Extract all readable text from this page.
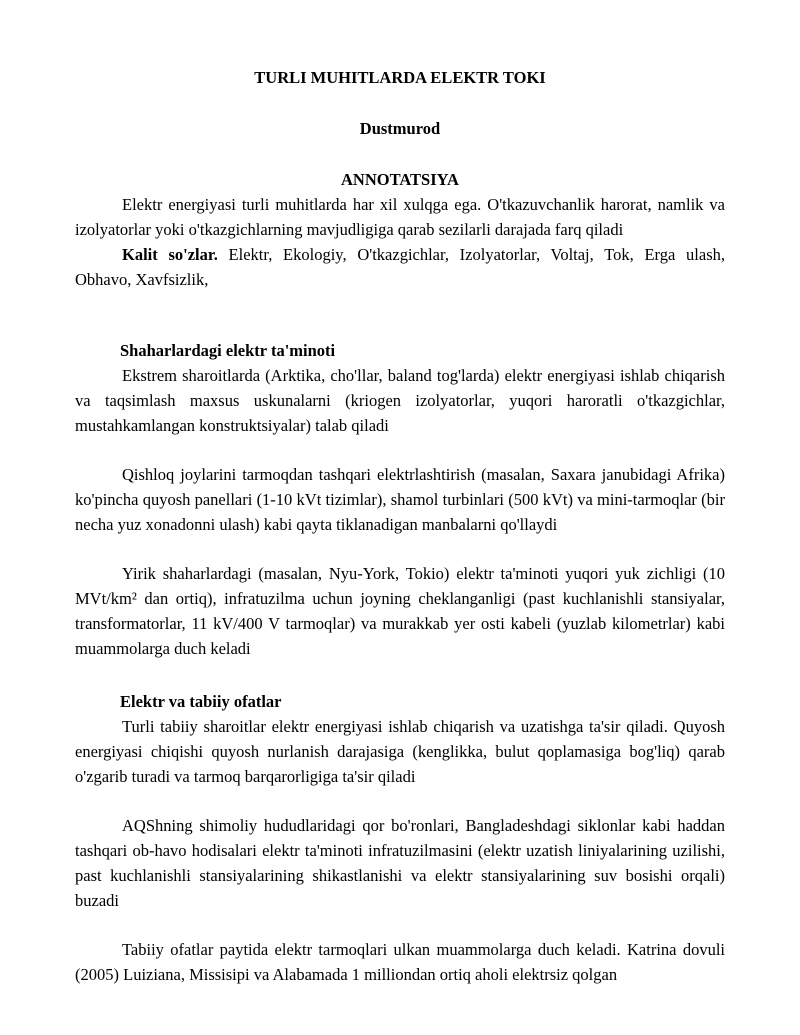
TURLI MUHITLARDA ELEKTR TOKI
Dustmurod
ANNOTATSIYA

Elektr energiyasi turli muhitlarda har xil xulqga ega. O'tkazuvchanlik harorat, namlik va izolyatorlar yoki o'tkazgichlarning mavjudligiga qarab sezilarli darajada farq qiladi

Kalit so'zlar. Elektr, Ekologiy, O'tkazgichlar, Izolyatorlar, Voltaj, Tok, Erga ulash, Obhavo, Xavfsizlik,

Shaharlardagi elektr ta'minoti

Ekstrem sharoitlarda (Arktika, cho'llar, baland tog'larda) elektr energiyasi ishlab chiqarish va taqsimlash maxsus uskunalarni (kriogen izolyatorlar, yuqori haroratli o'tkazgichlar, mustahkamlangan konstruktsiyalar) talab qiladi

Qishloq joylarini tarmoqdan tashqari elektrlashtirish (masalan, Saxara janubidagi Afrika) ko'pincha quyosh panellari (1-10 kVt tizimlar), shamol turbinlari (500 kVt) va mini-tarmoqlar (bir necha yuz xonadonni ulash) kabi qayta tiklanadigan manbalarni qo'llaydi

Yirik shaharlardagi (masalan, Nyu-York, Tokio) elektr ta'minoti yuqori yuk zichligi (10 MVt/km² dan ortiq), infratuzilma uchun joyning cheklanganligi (past kuchlanishli stansiyalar, transformatorlar, 11 kV/400 V tarmoqlar) va murakkab yer osti kabeli (yuzlab kilometrlar) kabi muammolarga duch keladi

Elektr va tabiiy ofatlar

Turli tabiiy sharoitlar elektr energiyasi ishlab chiqarish va uzatishga ta'sir qiladi. Quyosh energiyasi chiqishi quyosh nurlanish darajasiga (kenglikka, bulut qoplamasiga bog'liq) qarab o'zgarib turadi va tarmoq barqarorligiga ta'sir qiladi

AQShning shimoliy hududlaridagi qor bo'ronlari, Bangladeshdagi siklonlar kabi haddan tashqari ob-havo hodisalari elektr ta'minoti infratuzilmasini (elektr uzatish liniyalarining uzilishi, past kuchlanishli stansiyalarining shikastlanishi va elektr stansiyalarining suv bosishi orqali) buzadi

Tabiiy ofatlar paytida elektr tarmoqlari ulkan muammolarga duch keladi. Katrina dovuli (2005) Luiziana, Missisipi va Alabamada 1 milliondan ortiq aholi elektrsiz qolgan
